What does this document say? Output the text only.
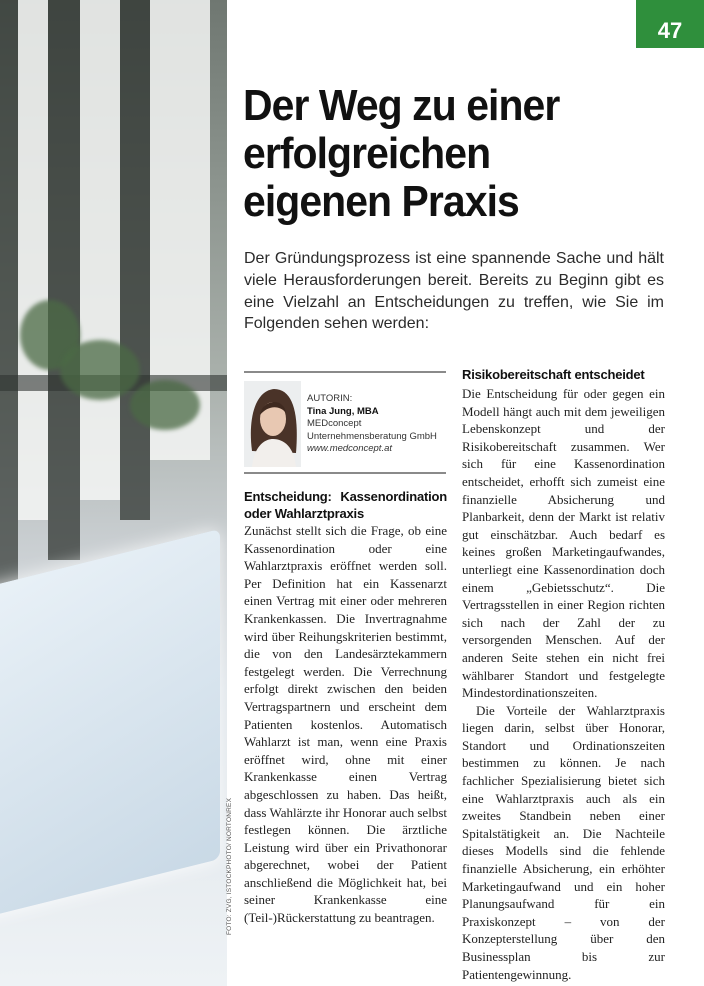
FOTO: ZVG, ISTOCKPHOTO/ NORTONREX
47
Der Weg zu einer
erfolgreichen
eigenen Praxis
Der Gründungsprozess ist eine spannende Sache und hält viele Herausforderungen bereit. Bereits zu Beginn gibt es eine Vielzahl an Entscheidungen zu treffen, wie Sie im Folgenden sehen werden:
AUTORIN:
Tina Jung, MBA
MEDconcept Unternehmensberatung GmbH
www.medconcept.at
Entscheidung: Kassenordination oder Wahlarztpraxis

Zunächst stellt sich die Frage, ob eine Kassenordination oder eine Wahlarztpraxis eröffnet werden soll. Per Definition hat ein Kassenarzt einen Vertrag mit einer oder mehreren Krankenkassen. Die Invertragnahme wird über Reihungskriterien bestimmt, die von den Landesärztekammern festgelegt werden. Die Verrechnung erfolgt direkt zwischen den beiden Vertragspartnern und erscheint dem Patienten kostenlos. Automatisch Wahlarzt ist man, wenn eine Praxis eröffnet wird, ohne mit einer Krankenkasse einen Vertrag abgeschlossen zu haben. Das heißt, dass Wahlärzte ihr Honorar auch selbst festlegen können. Die ärztliche Leistung wird über ein Privathonorar abgerechnet, wobei der Patient anschließend die Möglichkeit hat, bei seiner Krankenkasse eine (Teil-)Rückerstattung zu beantragen.

Risikobereitschaft entscheidet

Die Entscheidung für oder gegen ein Modell hängt auch mit dem jeweiligen Lebenskonzept und der Risikobereitschaft zusammen. Wer sich für eine Kassenordination entscheidet, erhofft sich zumeist eine finanzielle Absicherung und Planbarkeit, denn der Markt ist relativ gut einschätzbar. Auch bedarf es keines großen Marketingaufwandes, unterliegt eine Kassenordination doch einem „Gebietsschutz“. Die Vertragsstellen in einer Region richten sich nach der Zahl der zu versorgenden Menschen. Auf der anderen Seite stehen ein nicht frei wählbarer Standort und festgelegte Mindestordinationszeiten.

Die Vorteile der Wahlarztpraxis liegen darin, selbst über Honorar, Standort und Ordinationszeiten bestimmen zu können. Je nach fachlicher Spezialisierung bietet sich eine Wahlarztpraxis auch als ein zweites Standbein neben einer Spitalstätigkeit an. Die Nachteile dieses Modells sind die fehlende finanzielle Absicherung, ein erhöhter Marketingaufwand und ein hoher Planungsaufwand für ein Praxiskonzept – von der Konzepterstellung über den Businessplan bis zur Patientengewinnung.
